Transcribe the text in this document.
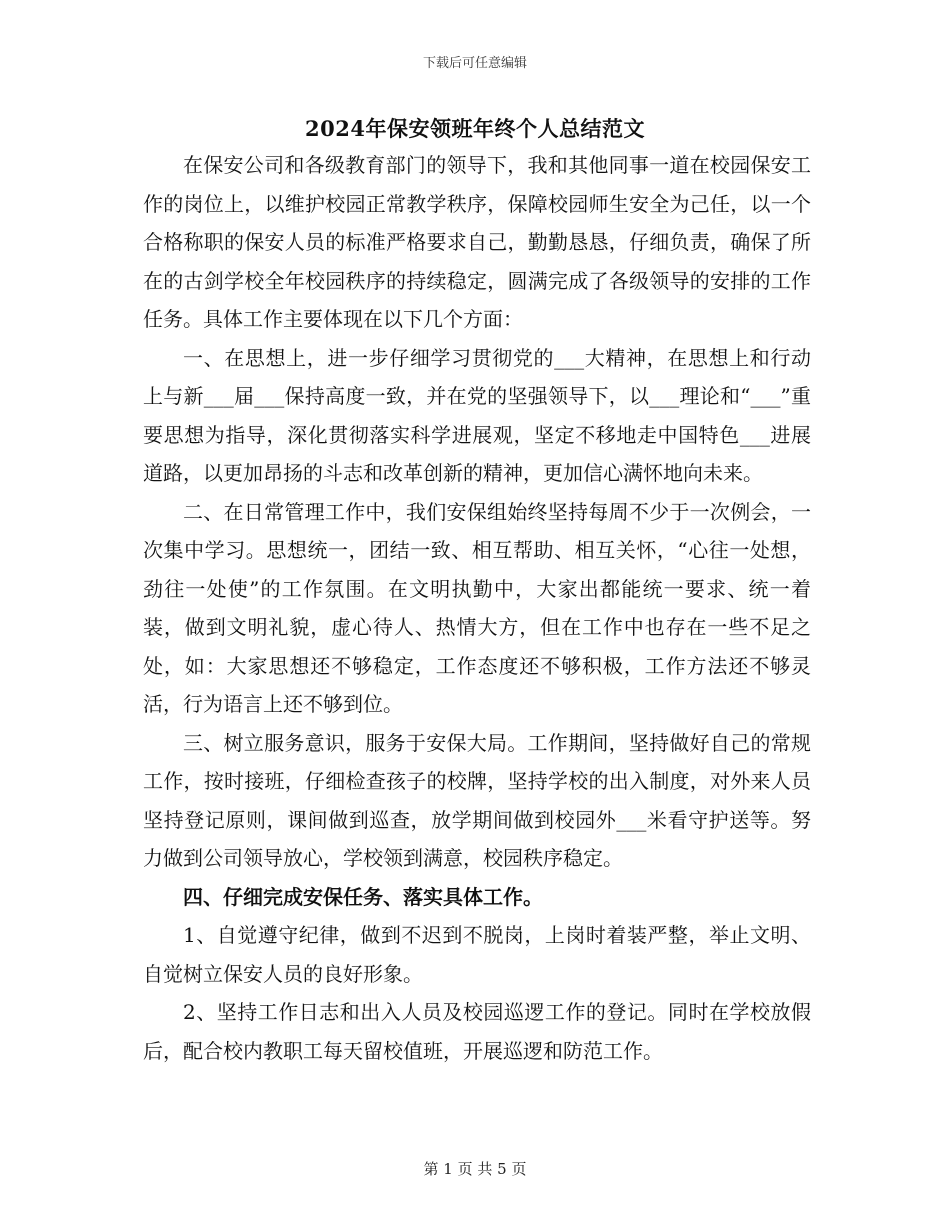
下载后可任意编辑
2024年保安领班年终个人总结范文

在保安公司和各级教育部门的领导下，我和其他同事一道在校园保安工作的岗位上，以维护校园正常教学秩序，保障校园师生安全为己任，以一个合格称职的保安人员的标准严格要求自己，勤勤恳恳，仔细负责，确保了所在的古剑学校全年校园秩序的持续稳定，圆满完成了各级领导的安排的工作任务。具体工作主要体现在以下几个方面：

一、在思想上，进一步仔细学习贯彻党的___大精神，在思想上和行动上与新___届___保持高度一致，并在党的坚强领导下，以___理论和“___”重要思想为指导，深化贯彻落实科学进展观，坚定不移地走中国特色___进展道路，以更加昂扬的斗志和改革创新的精神，更加信心满怀地向未来。

二、在日常管理工作中，我们安保组始终坚持每周不少于一次例会，一次集中学习。思想统一，团结一致、相互帮助、相互关怀，“心往一处想，劲往一处使”的工作氛围。在文明执勤中，大家出都能统一要求、统一着装，做到文明礼貌，虚心待人、热情大方，但在工作中也存在一些不足之处，如：大家思想还不够稳定，工作态度还不够积极，工作方法还不够灵活，行为语言上还不够到位。

三、树立服务意识，服务于安保大局。工作期间，坚持做好自己的常规工作，按时接班，仔细检查孩子的校牌，坚持学校的出入制度，对外来人员坚持登记原则，课间做到巡查，放学期间做到校园外___米看守护送等。努力做到公司领导放心，学校领到满意，校园秩序稳定。

四、仔细完成安保任务、落实具体工作。

1、自觉遵守纪律，做到不迟到不脱岗，上岗时着装严整，举止文明、自觉树立保安人员的良好形象。

2、坚持工作日志和出入人员及校园巡逻工作的登记。同时在学校放假后，配合校内教职工每天留校值班，开展巡逻和防范工作。

第 1 页 共 5 页
